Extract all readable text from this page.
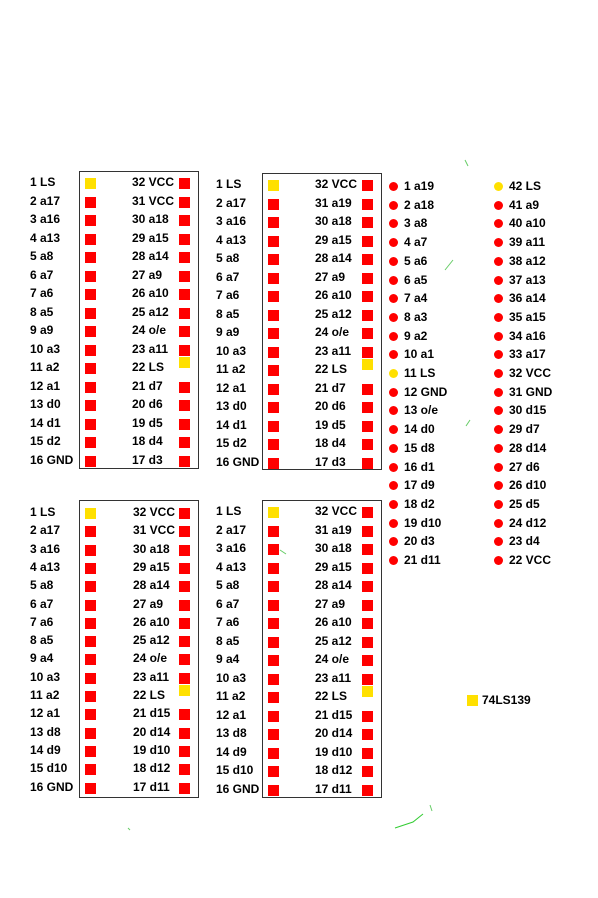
1 LS
2 a17
3 a16
4 a13
5 a8
6 a7
7 a6
8 a5
9 a9
10 a3
11 a2
12 a1
13 d0
14 d1
15 d2
16 GND
32 VCC
31 VCC
30 a18
29 a15
28 a14
27 a9
26 a10
25 a12
24 o/e
23 a11
22 LS
21 d7
20 d6
19 d5
18 d4
17 d3
1 LS
2 a17
3 a16
4 a13
5 a8
6 a7
7 a6
8 a5
9 a9
10 a3
11 a2
12 a1
13 d0
14 d1
15 d2
16 GND
32 VCC
31 a19
30 a18
29 a15
28 a14
27 a9
26 a10
25 a12
24 o/e
23 a11
22 LS
21 d7
20 d6
19 d5
18 d4
17 d3
1 LS
2 a17
3 a16
4 a13
5 a8
6 a7
7 a6
8 a5
9 a4
10 a3
11 a2
12 a1
13 d8
14 d9
15 d10
16 GND
32 VCC
31 VCC
30 a18
29 a15
28 a14
27 a9
26 a10
25 a12
24 o/e
23 a11
22 LS
21 d15
20 d14
19 d10
18 d12
17 d11
1 LS
2 a17
3 a16
4 a13
5 a8
6 a7
7 a6
8 a5
9 a4
10 a3
11 a2
12 a1
13 d8
14 d9
15 d10
16 GND
32 VCC
31 a19
30 a18
29 a15
28 a14
27 a9
26 a10
25 a12
24 o/e
23 a11
22 LS
21 d15
20 d14
19 d10
18 d12
17 d11
1 a19
2 a18
3 a8
4 a7
5 a6
6 a5
7 a4
8 a3
9 a2
10 a1
11 LS
12 GND
13 o/e
14 d0
15 d8
16 d1
17 d9
18 d2
19 d10
20 d3
21 d11
42 LS
41 a9
40 a10
39 a11
38 a12
37 a13
36 a14
35 a15
34 a16
33 a17
32 VCC
31 GND
30 d15
29 d7
28 d14
27 d6
26 d10
25 d5
24 d12
23 d4
22 VCC
74LS139
